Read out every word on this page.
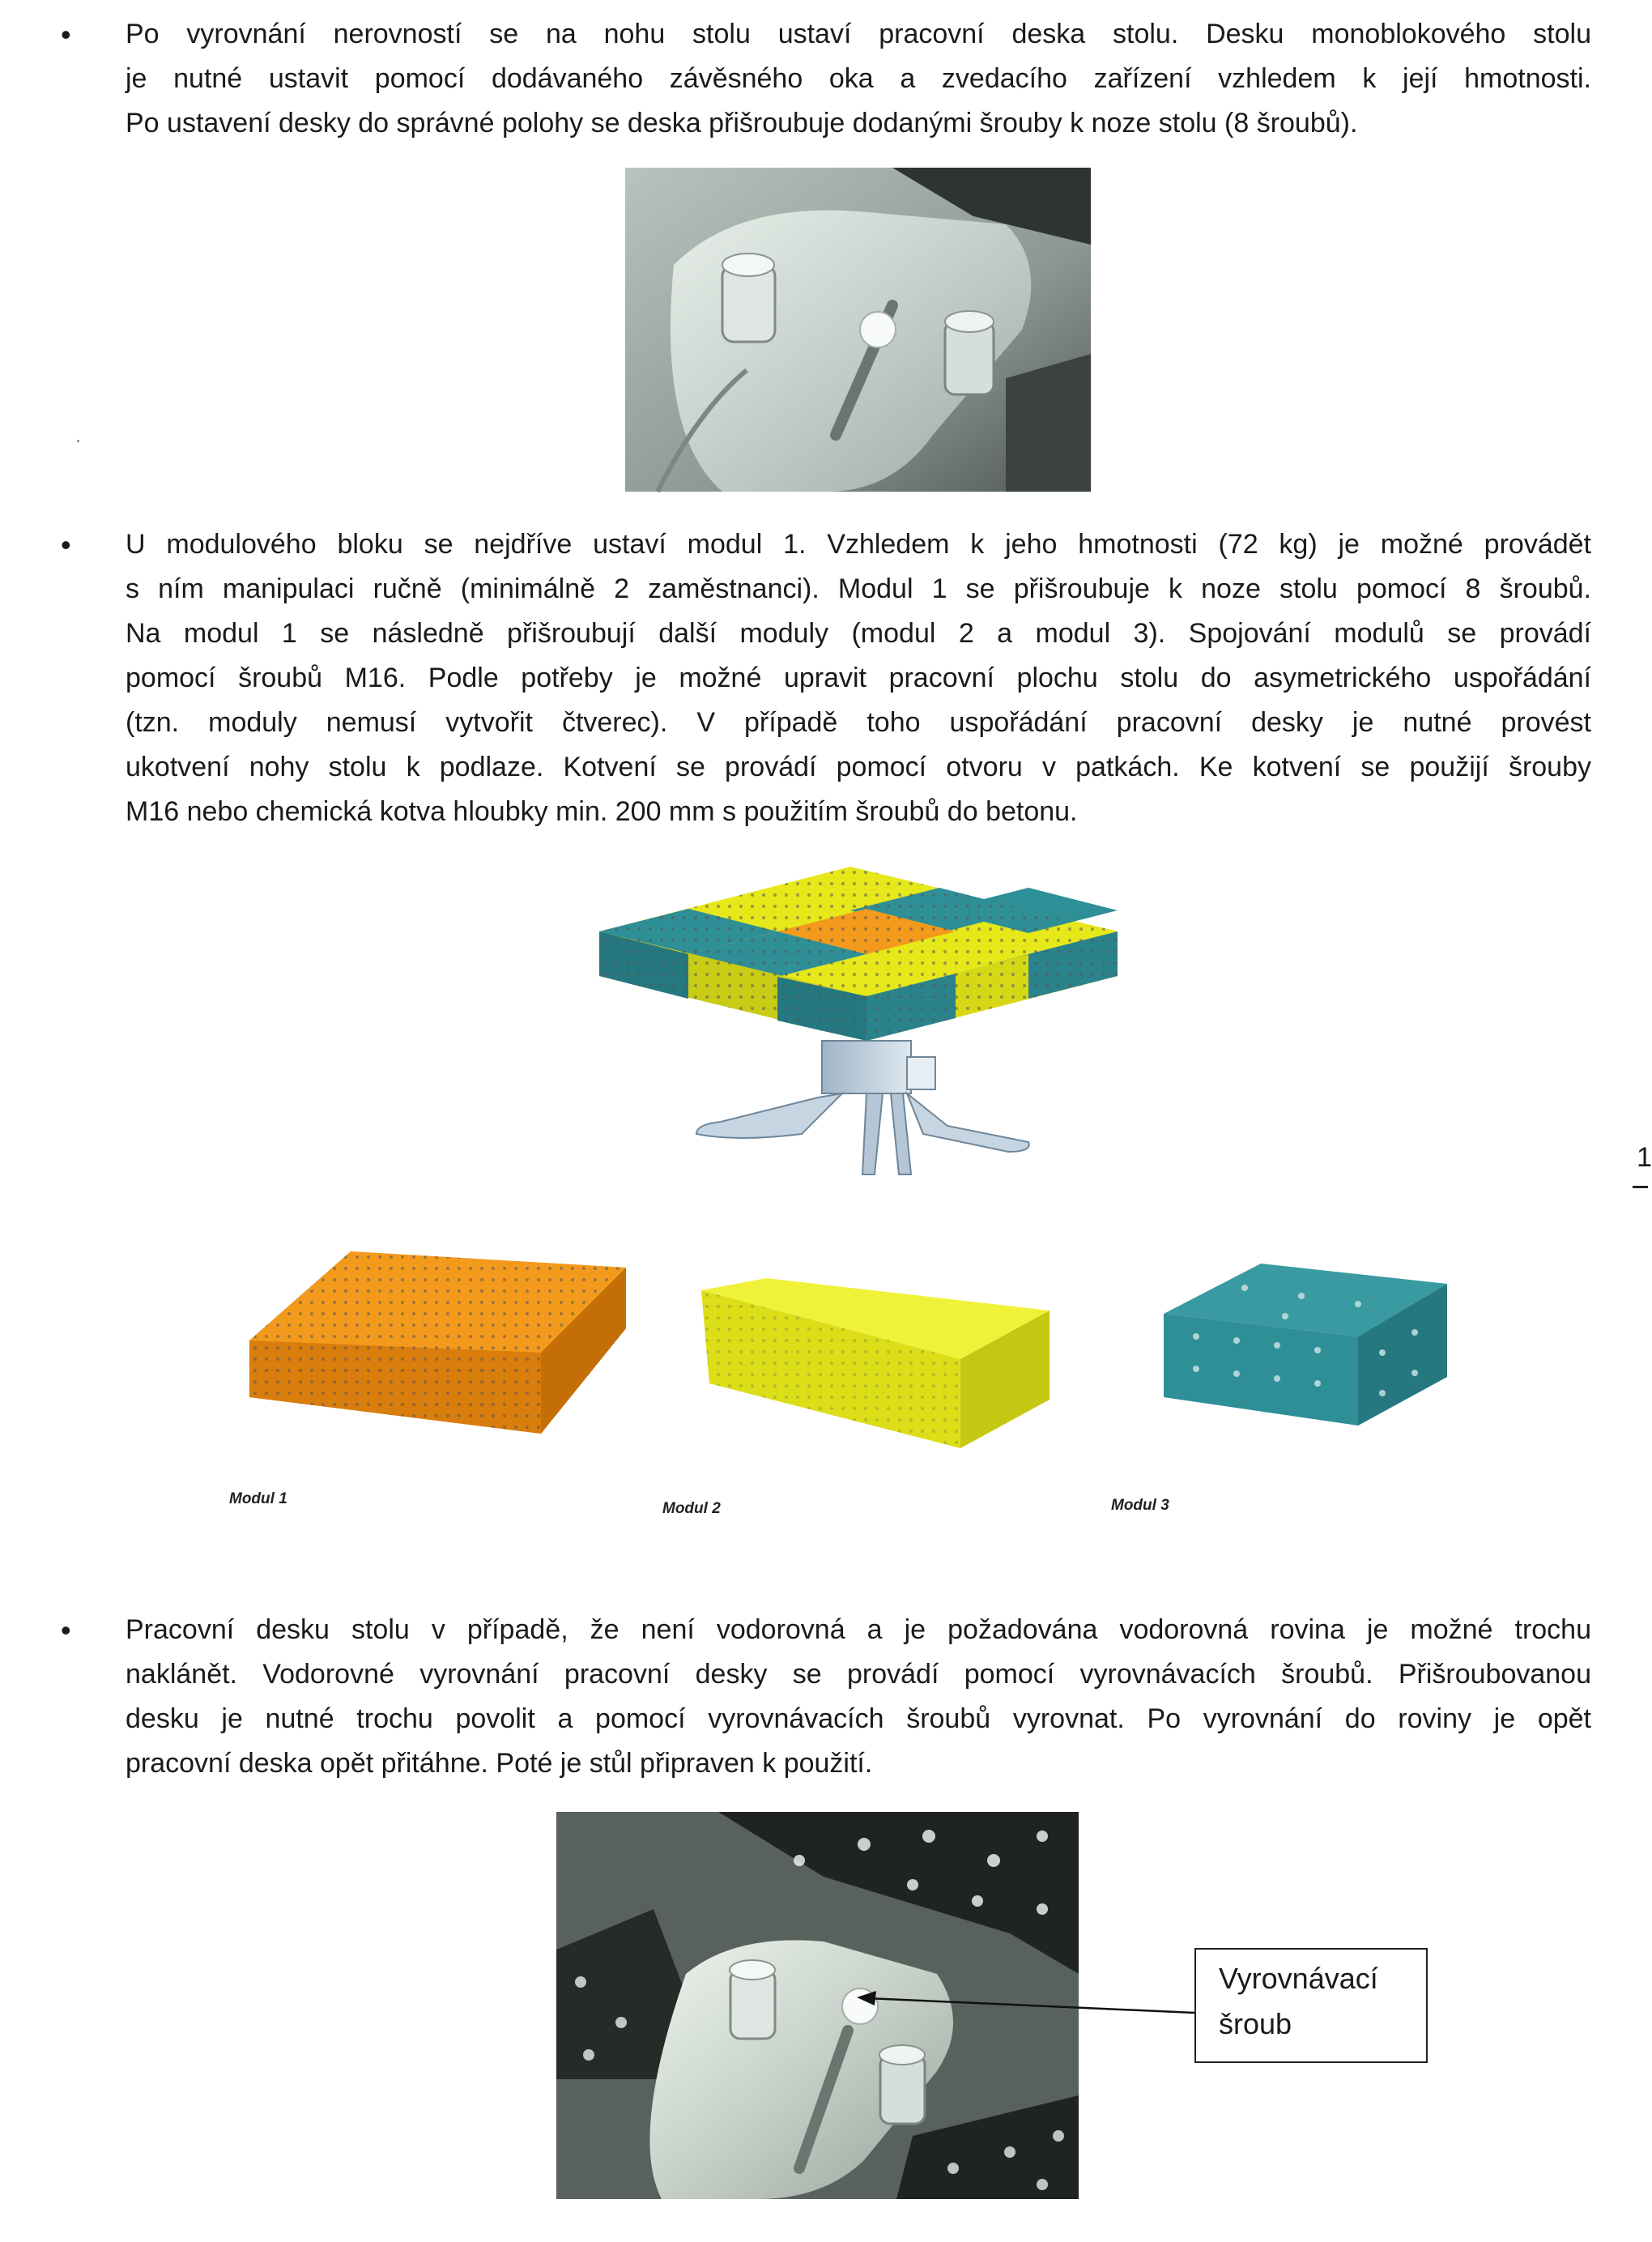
• Po vyrovnání nerovností se na nohu stolu ustaví pracovní deska stolu. Desku monoblokového stolu
je nutné ustavit pomocí dodávaného závěsného oka a zvedacího zařízení vzhledem k její hmotnosti.
Po ustavení desky do správné polohy se deska přišroubuje dodanými šrouby k noze stolu (8 šroubů).
• U modulového bloku se nejdříve ustaví modul 1. Vzhledem k jeho hmotnosti (72 kg) je možné provádět
s ním manipulaci ručně (minimálně 2 zaměstnanci). Modul 1 se přišroubuje k noze stolu pomocí 8 šroubů.
Na modul 1 se následně přišroubují další moduly (modul 2 a modul 3). Spojování modulů se provádí
pomocí šroubů M16. Podle potřeby je možné upravit pracovní plochu stolu do asymetrického uspořádání
(tzn. moduly nemusí vytvořit čtverec). V případě toho uspořádání pracovní desky je nutné provést
ukotvení nohy stolu k podlaze. Kotvení se provádí pomocí otvoru v patkách. Ke kotvení se použijí šrouby
M16 nebo chemická kotva hloubky min. 200 mm s použitím šroubů do betonu.
Modul 1
Modul 2	Modul 3
• Pracovní desku stolu v případě, že není vodorovná a je požadována vodorovná rovina je možné trochu
naklánět. Vodorovné vyrovnání pracovní desky se provádí pomocí vyrovnávacích šroubů. Přišroubovanou
desku je nutné trochu povolit a pomocí vyrovnávacích šroubů vyrovnat. Po vyrovnání do roviny je opět
pracovní deska opět přitáhne. Poté je stůl připraven k použití.
Vyrovnávací
šroub
1
